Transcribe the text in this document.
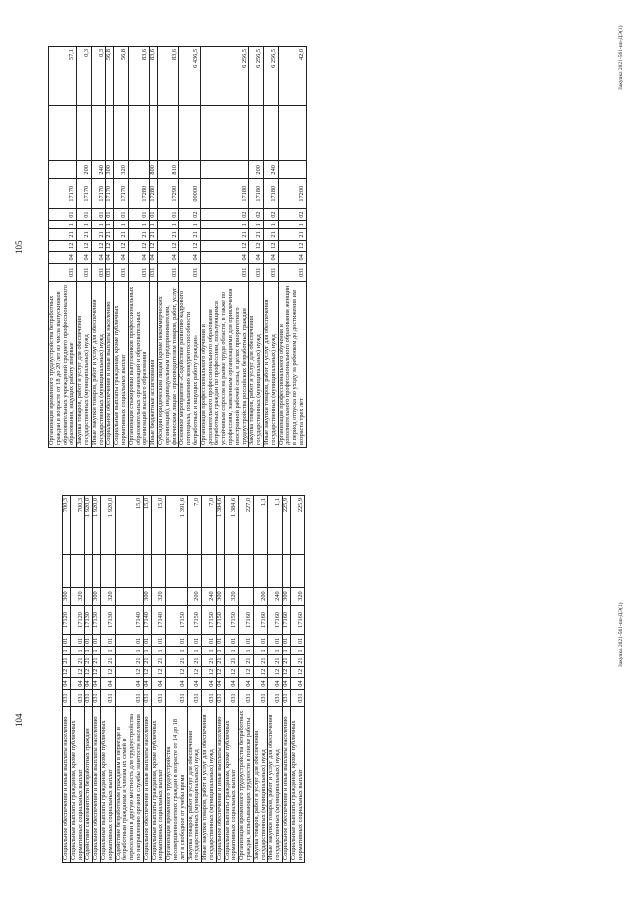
104	Социальное обеспечение и иные выплаты населению	031	04	12	21	1	01	17120	300		700,3
Социальные выплаты гражданам, кроме публичных нормативных социальных выплат	031	04	12	21	1	01	17120	320		700,3
Содействие самозанятости безработных граждан	031	04	12	21	1	01	17130			1 920,0
Социальное обеспечение и иные выплаты населению	031	04	12	21	1	01	17130	300		1 920,0
Социальные выплаты гражданам, кроме публичных нормативных социальных выплат	031	04	12	21	1	01	17130	320		1 920,0
Содействие безработным гражданам в переезде и безработным гражданам и членам их семей в переселении в другую местность для трудоустройства по направлению органов службы занятости населения	031	04	12	21	1	01	17140			15,0
Социальное обеспечение и иные выплаты населению	031	04	12	21	1	01	17140	300		15,0
Социальные выплаты гражданам, кроме публичных нормативных социальных выплат	031	04	12	21	1	01	17140	320		15,0
Организация временного трудоустройства несовершеннолетних граждан в возрасте от 14 до 18 лет в свободное от учебы время	031	04	12	21	1	01	17150			1 391,6
Закупка товаров, работ и услуг для обеспечения государственных (муниципальных) нужд	031	04	12	21	1	01	17150	200		7,0
Иные закупки товаров, работ и услуг для обеспечения государственных (муниципальных) нужд	031	04	12	21	1	01	17150	240		7,0
Социальное обеспечение и иные выплаты населению	031	04	12	21	1	01	17150	300		1 384,6
Социальные выплаты гражданам, кроме публичных нормативных социальных выплат	031	04	12	21	1	01	17150	320		1 384,6
Организация временного трудоустройства безработных граждан, испытывающих трудности в поиске работы	031	04	12	21	1	01	17160			227,0
Закупка товаров, работ и услуг для обеспечения государственных (муниципальных) нужд	031	04	12	21	1	01	17160	200		1,1
Иные закупки товаров, работ и услуг для обеспечения государственных (муниципальных) нужд	031	04	12	21	1	01	17160	240		1,1
Социальное обеспечение и иные выплаты населению	031	04	12	21	1	01	17160	300		225,9
Социальные выплаты гражданам, кроме публичных нормативных социальных выплат	031	04	12	21	1	01	17160	320		225,9
Закупка 2021-561-пп-ДЭ(1)
105
Организация временного трудоустройства безработных граждан в возрасте от 18 до 20 лет из числа выпускников образовательных учреждений среднего профессионального образования, ищущих работу впервые	031	04	12	21	1	01	17170			57,1
Закупка товаров, работ и услуг для обеспечения государственных (муниципальных) нужд	031	04	12	21	1	01	17170	200		0,3
Иные закупки товаров, работ и услуг для обеспечения государственных (муниципальных) нужд	031	04	12	21	1	01	17170	240		0,3
Социальное обеспечение и иные выплаты населению	031	04	12	21	1	01	17170	300		56,8
Социальные выплаты гражданам, кроме публичных нормативных социальных выплат	031	04	12	21	1	01	17170	320		56,8
Организация стажировки выпускников профессиональных образовательных организаций и образовательных организаций высшего образования	031	04	12	21	1	01	17280			83,6
Иные бюджетные ассигнования	031	04	12	21	1	01	17280	800		83,6
Субсидии юридическим лицам (кроме некоммерческих организаций), индивидуальным предпринимателям, физическим лицам - производителям товаров, работ, услуг	031	04	12	21	1	01	17290	810		83,6
Основное мероприятие «Содействие развитию кадрового потенциала, повышению конкурентоспособности безработных и ищущих работу граждан»	031	04	12	21	1	02	00000			6 436,5
Организация профессионального обучения и дополнительного профессионального образования безработных граждан по профессиям, пользующимся устойчивым спросом на рынке труда области, в также по профессиям, заявленным организациями для привлечения иностранной рабочей силы, в целях приоритетного трудоустройства российских безработных граждан	031	04	12	21	1	02	17180			6 256,5
Закупка товаров, работ и услуг для обеспечения государственных (муниципальных) нужд	031	04	12	21	1	02	17180	200		6 256,5
Иные закупки товаров, работ и услуг для обеспечения государственных (муниципальных) нужд	031	04	12	21	1	02	17180	240		6 256,5
Организация профессионального обучения и дополнительного профессионального образования женщин в период отпуска по уходу за ребенком до достижения им возраста трех лет	031	04	12	21	1	02	17200			42,0	Закупка 2021-561-пп-ДЭ(1)
